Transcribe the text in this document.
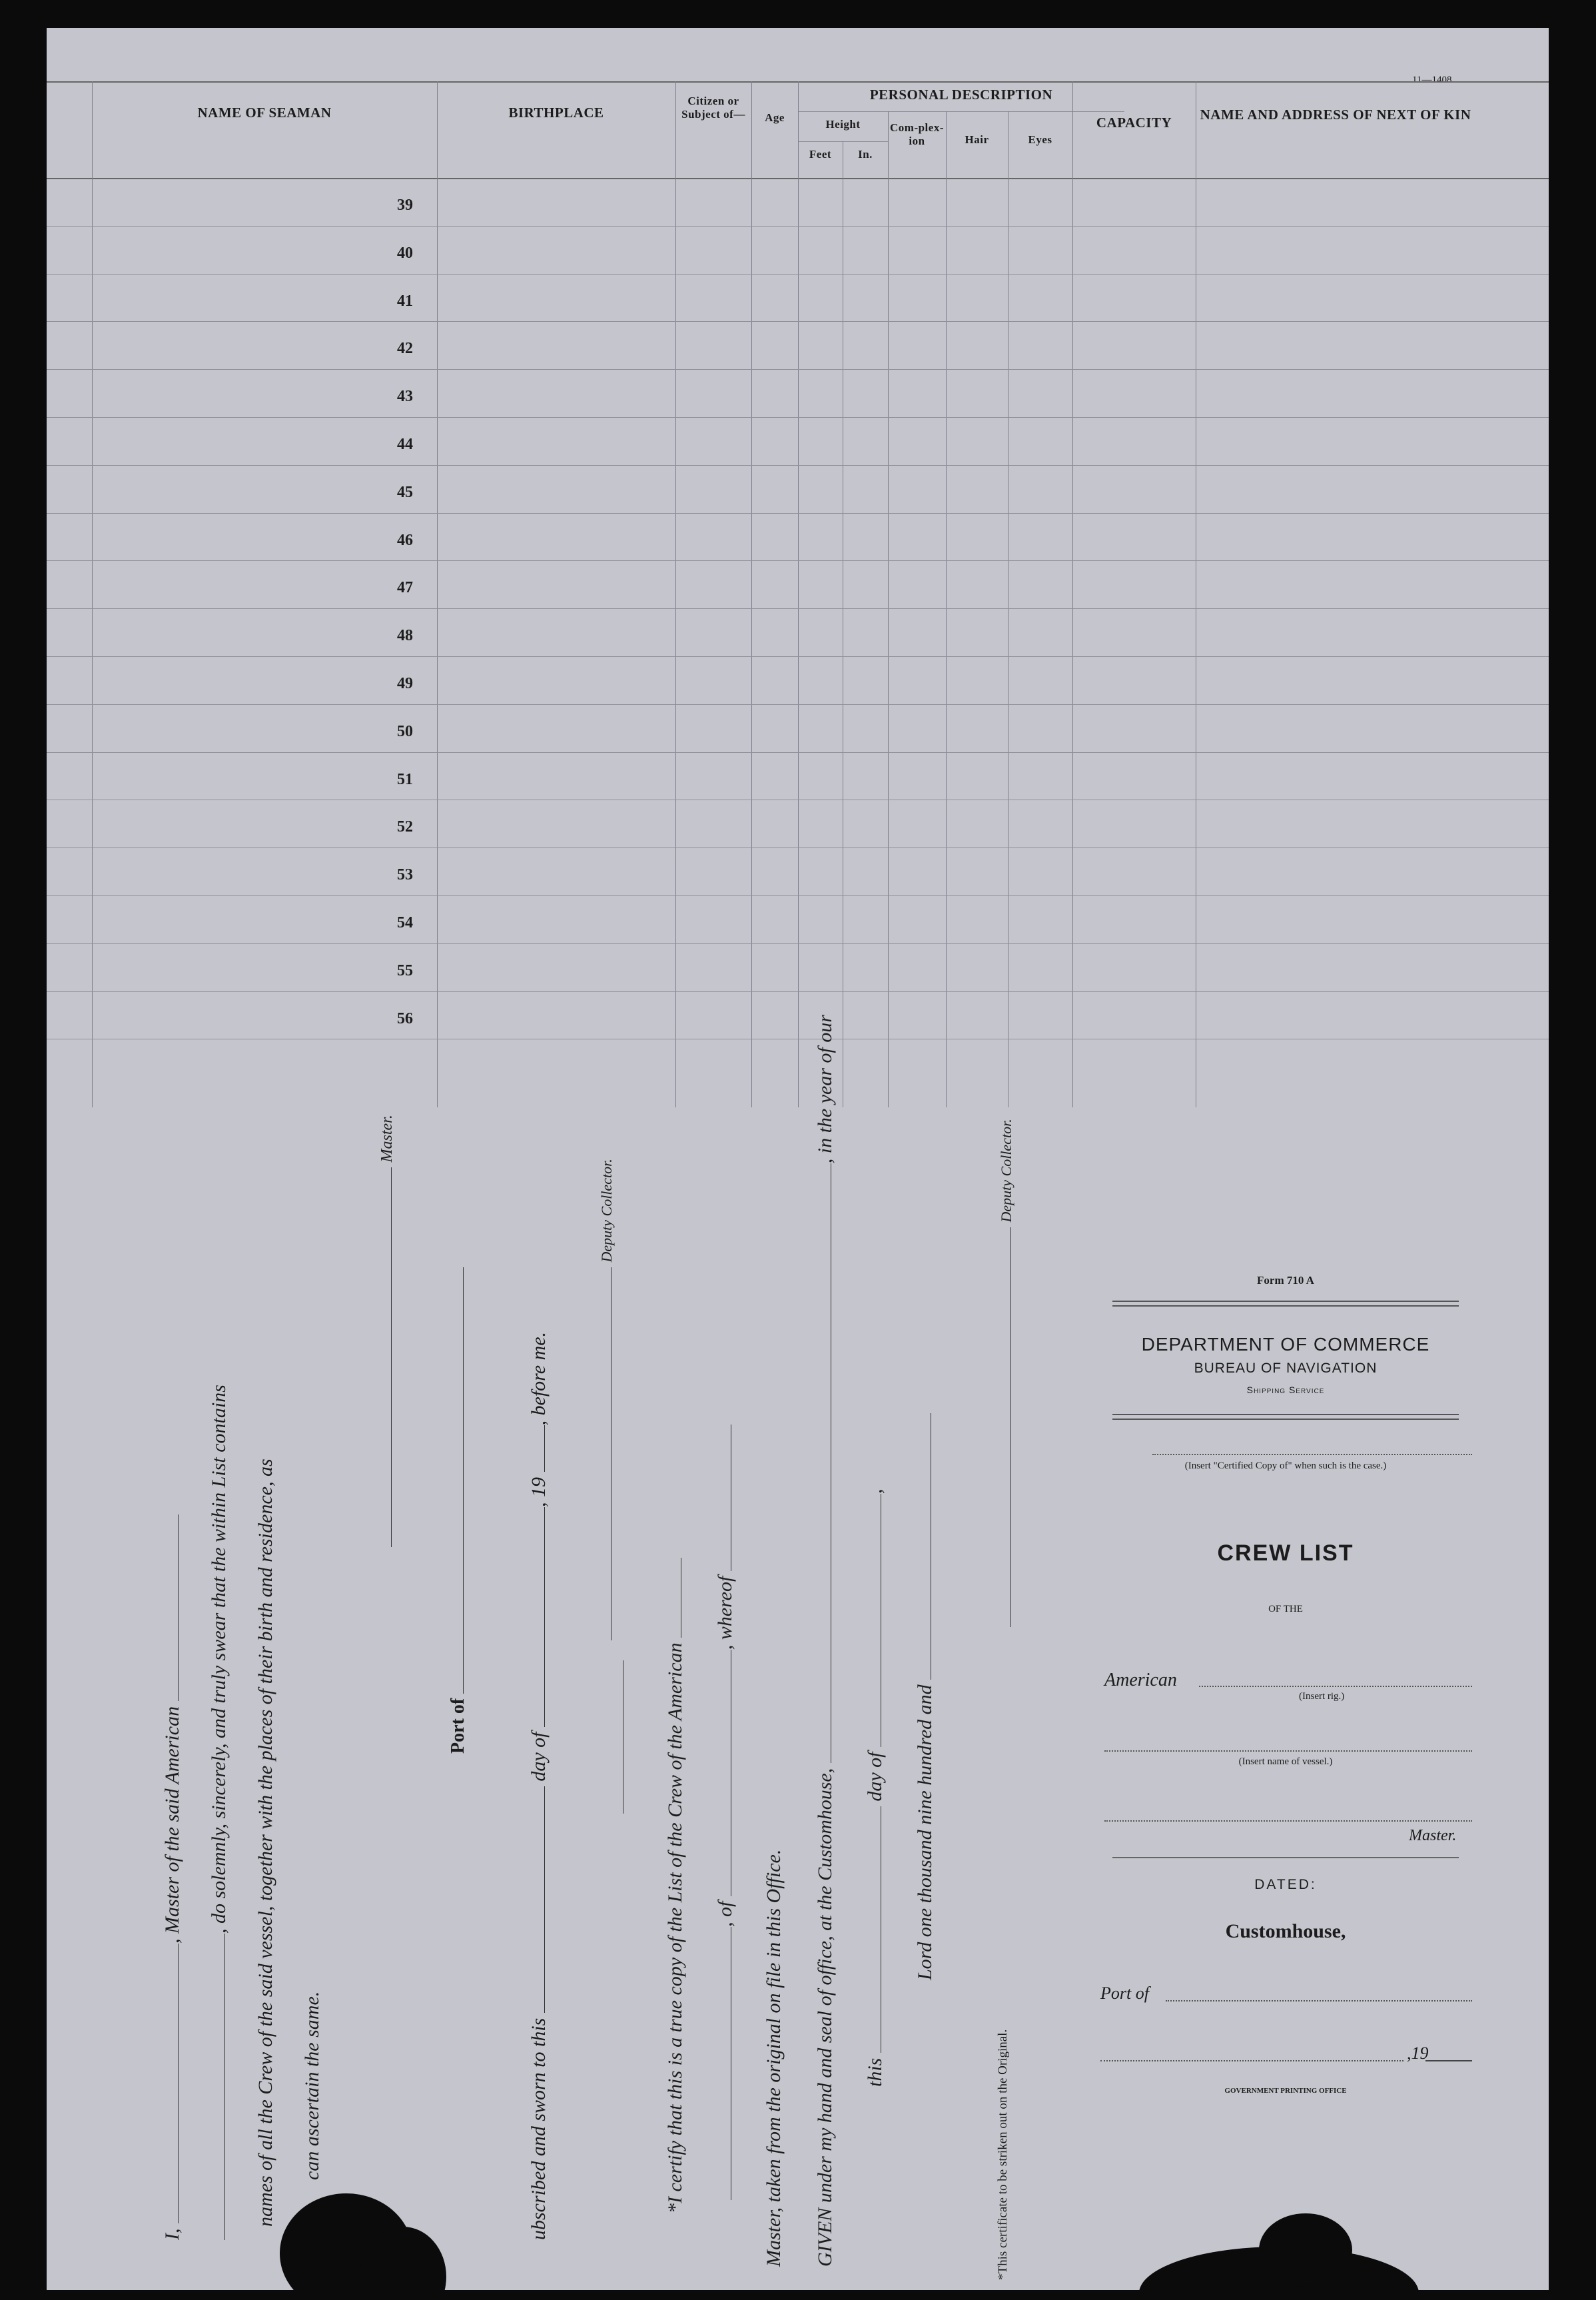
11—1408
NAME OF SEAMAN	BIRTHPLACE
Citizen or Subject of—	Age
PERSONAL DESCRIPTION
Height
Feet	In.
Com-plex-ion	Hair	Eyes
CAPACITY	NAME AND ADDRESS OF NEXT OF KIN
39
40
41
42
43
44
45
46
47
48
49
50
51
52
53
54
55
56
I, , Master of the said American , do solemnly, sincerely, and truly swear that the within List contains names of all the Crew of the said vessel, together with the places of their birth and residence, as can ascertain the same.
Master.
Port of
ubscribed and sworn to this  day of , 19 , before me.
Deputy Collector.
*I certify that this is a true copy of the List of the Crew of the American , of , whereof
Master, taken from the original on file in this Office. GIVEN under my hand and seal of office, at the Customhouse, , in the year of our
this  day of ,
Lord one thousand nine hundred and
Deputy Collector.
*This certificate to be striken out on the Original.
Form 710 A
DEPARTMENT OF COMMERCE
BUREAU OF NAVIGATION
Shipping Service
(Insert "Certified Copy of" when such is the case.)
CREW LIST
OF THE
American
(Insert rig.)
(Insert name of vessel.)
Master.
DATED:
Customhouse,
Port of
,19
GOVERNMENT PRINTING OFFICE
